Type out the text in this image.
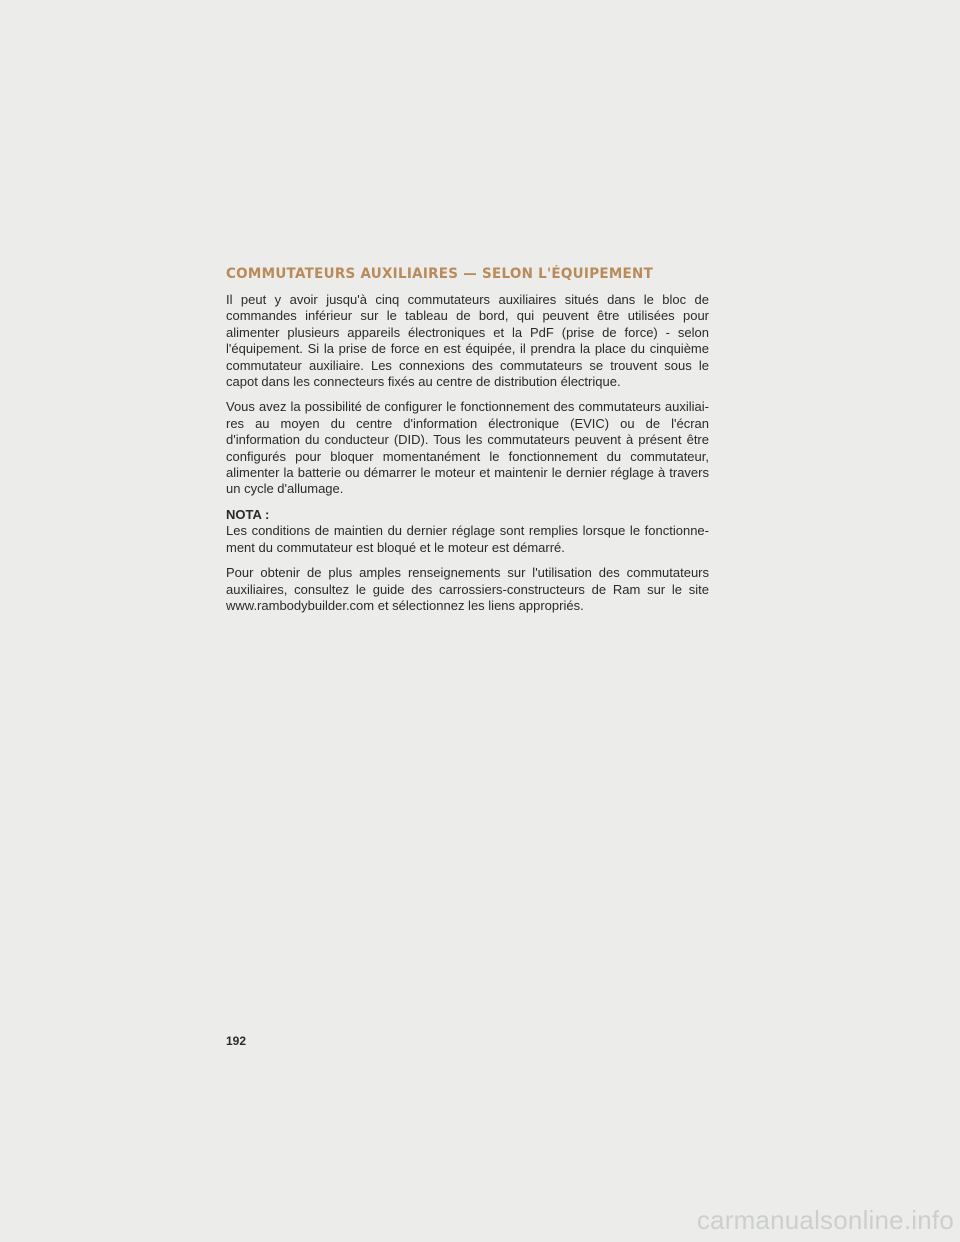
COMMUTATEURS AUXILIAIRES — SELON L'ÉQUIPEMENT

Il peut y avoir jusqu'à cinq commutateurs auxiliaires situés dans le bloc de commandes inférieur sur le tableau de bord, qui peuvent être utilisées pour alimenter plusieurs appareils électroniques et la PdF (prise de force) - selon l'équipement. Si la prise de force en est équipée, il prendra la place du cinquième commutateur auxiliaire. Les connexions des commutateurs se trouvent sous le capot dans les connecteurs fixés au centre de distribution électrique.

Vous avez la possibilité de configurer le fonctionnement des commutateurs auxiliai-res au moyen du centre d'information électronique (EVIC) ou de l'écran d'information du conducteur (DID). Tous les commutateurs peuvent à présent être configurés pour bloquer momentanément le fonctionnement du commutateur, alimenter la batterie ou démarrer le moteur et maintenir le dernier réglage à travers un cycle d'allumage.

NOTA :

Les conditions de maintien du dernier réglage sont remplies lorsque le fonctionne-ment du commutateur est bloqué et le moteur est démarré.

Pour obtenir de plus amples renseignements sur l'utilisation des commutateurs auxiliaires, consultez le guide des carrossiers-constructeurs de Ram sur le site www.rambodybuilder.com et sélectionnez les liens appropriés.

192
carmanualsonline.info
